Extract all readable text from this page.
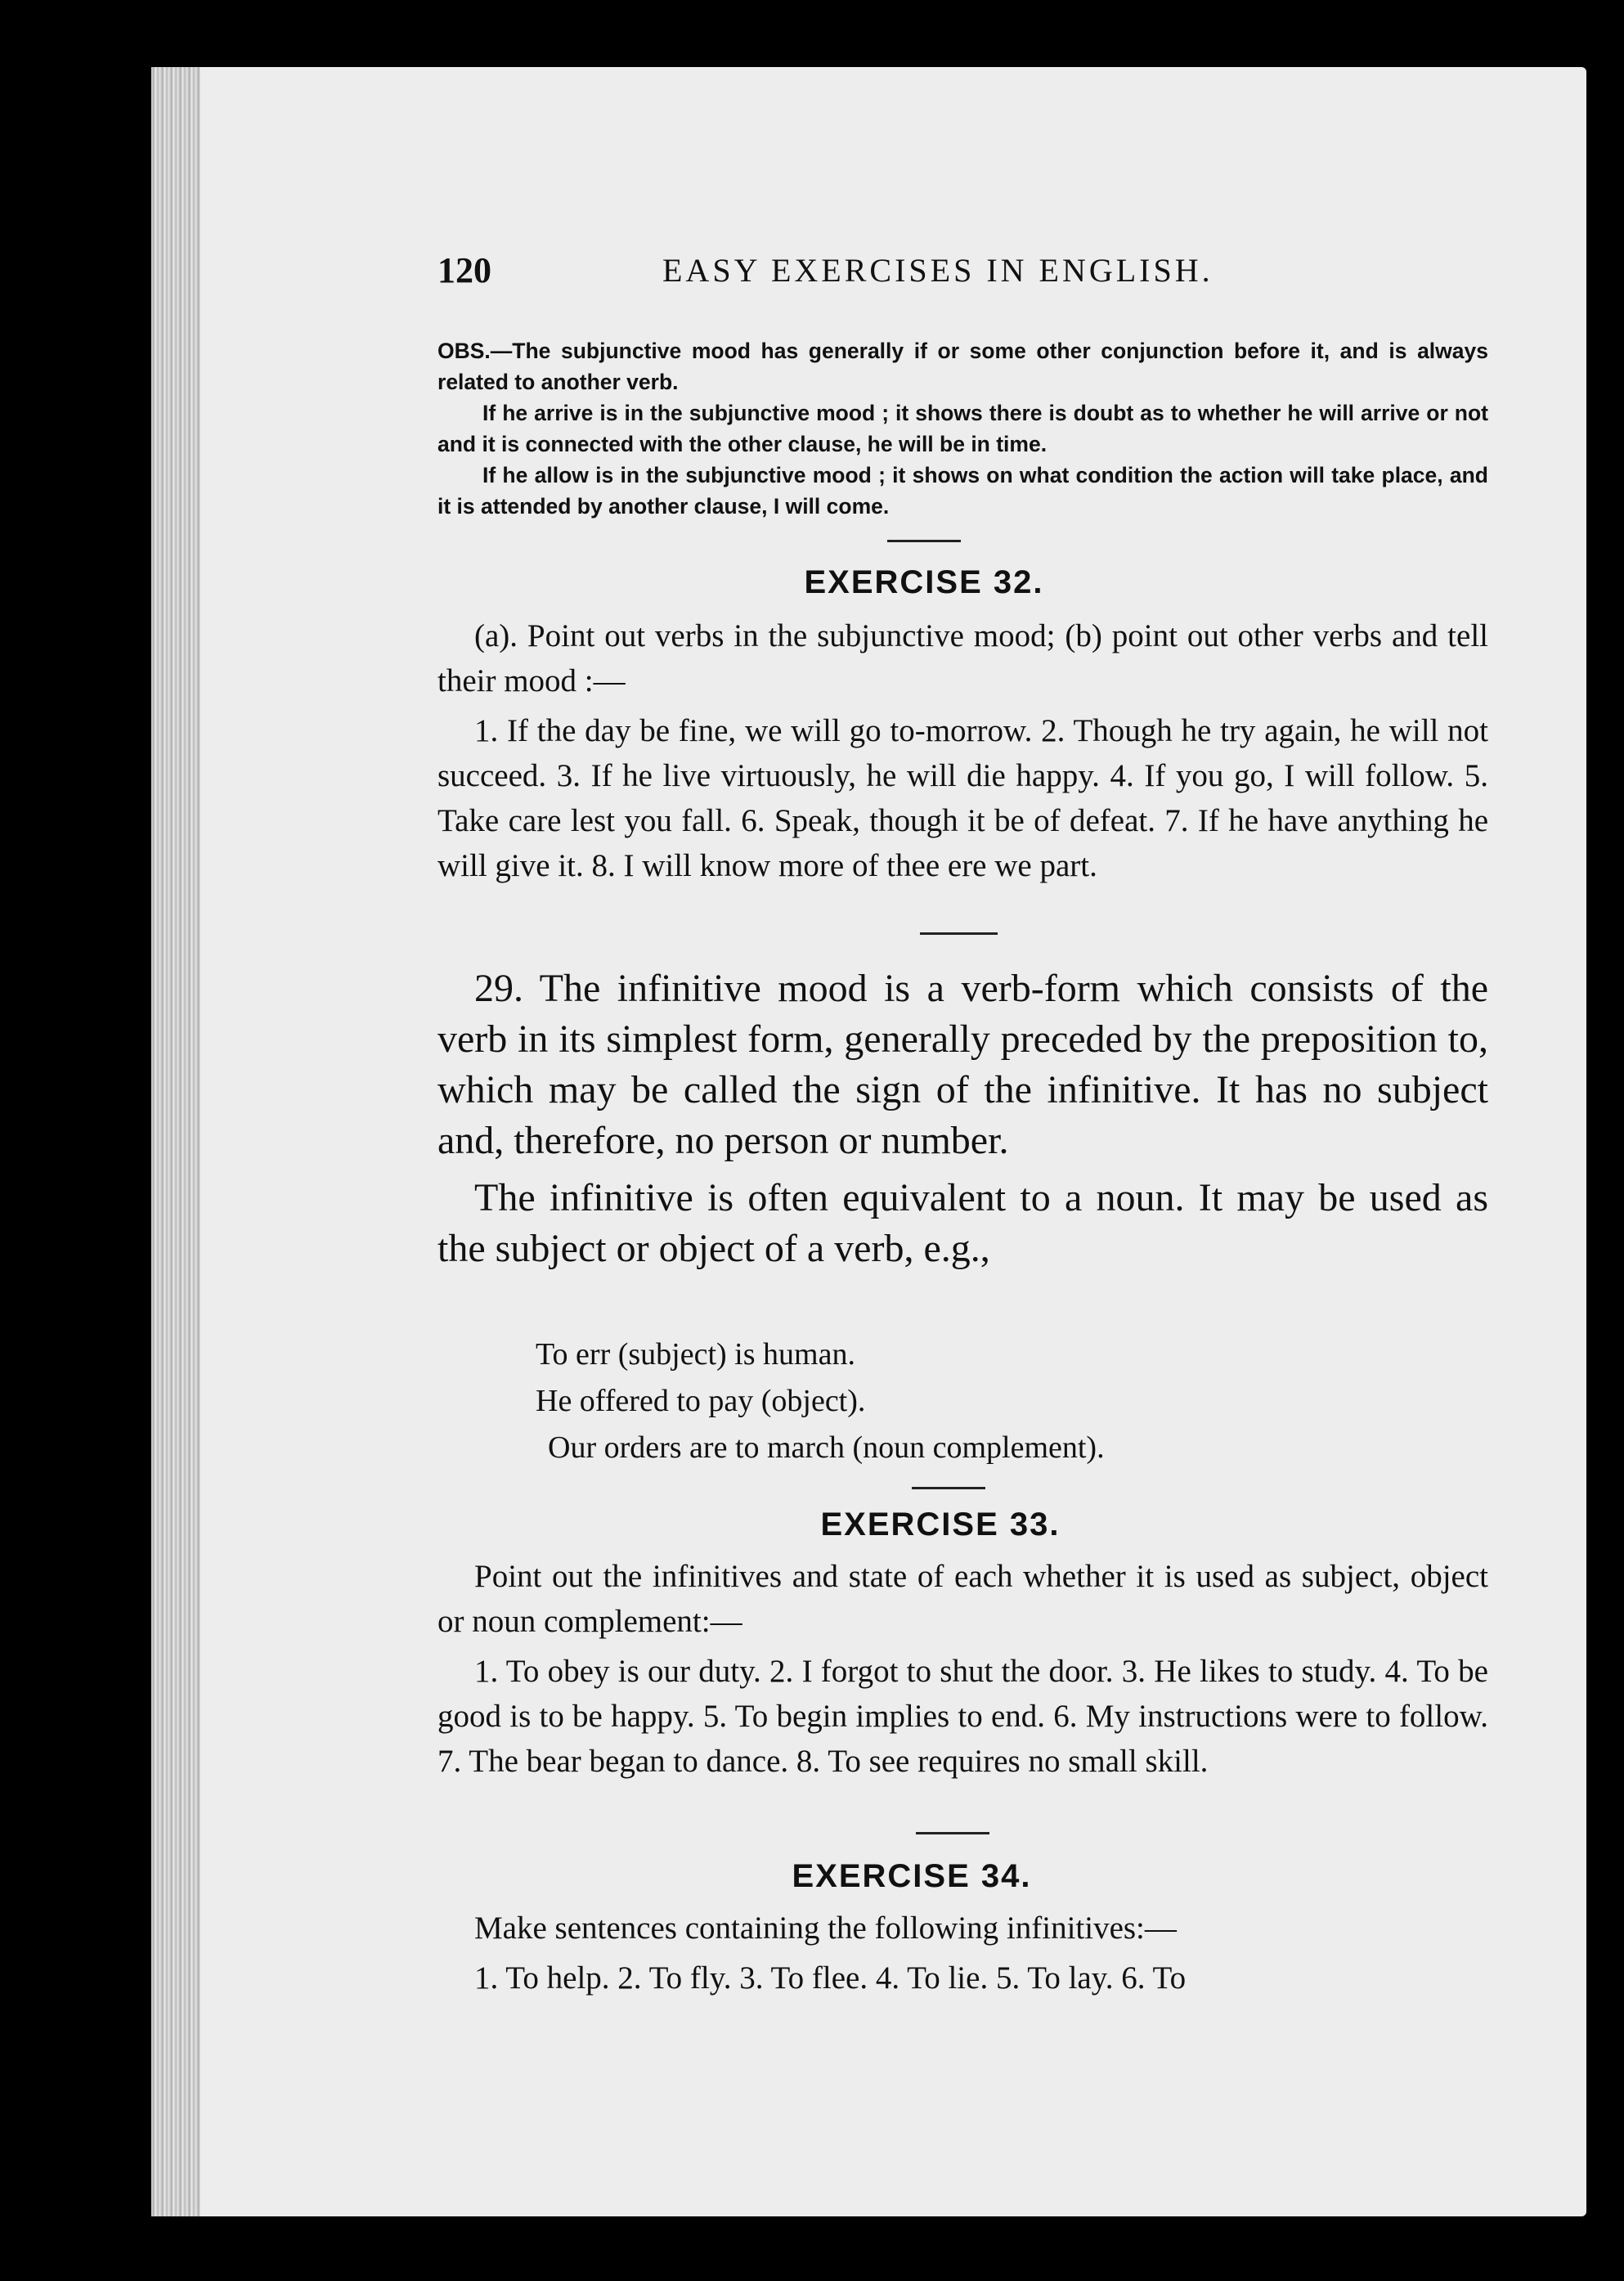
120	EASY EXERCISES IN ENGLISH.

OBS.—The subjunctive mood has generally if or some other conjunction before it, and is always related to another verb.

If he arrive is in the subjunctive mood ; it shows there is doubt as to whether he will arrive or not and it is connected with the other clause, he will be in time.

If he allow is in the subjunctive mood ; it shows on what condition the action will take place, and it is attended by another clause, I will come.

EXERCISE 32.

(a). Point out verbs in the subjunctive mood; (b) point out other verbs and tell their mood :—

1. If the day be fine, we will go to-morrow. 2. Though he try again, he will not succeed. 3. If he live virtuously, he will die happy. 4. If you go, I will follow. 5. Take care lest you fall. 6. Speak, though it be of defeat. 7. If he have anything he will give it. 8. I will know more of thee ere we part.

29. The infinitive mood is a verb-form which consists of the verb in its simplest form, generally preceded by the preposition to, which may be called the sign of the infinitive. It has no subject and, therefore, no person or number.

The infinitive is often equivalent to a noun. It may be used as the subject or object of a verb, e.g.,

To err (subject) is human.
He offered to pay (object).
Our orders are to march (noun complement).
EXERCISE 33.

Point out the infinitives and state of each whether it is used as subject, object or noun complement:—

1. To obey is our duty. 2. I forgot to shut the door. 3. He likes to study. 4. To be good is to be happy. 5. To begin implies to end. 6. My instructions were to follow. 7. The bear began to dance. 8. To see requires no small skill.

EXERCISE 34.

Make sentences containing the following infinitives:—

1. To help. 2. To fly. 3. To flee. 4. To lie. 5. To lay. 6. To
